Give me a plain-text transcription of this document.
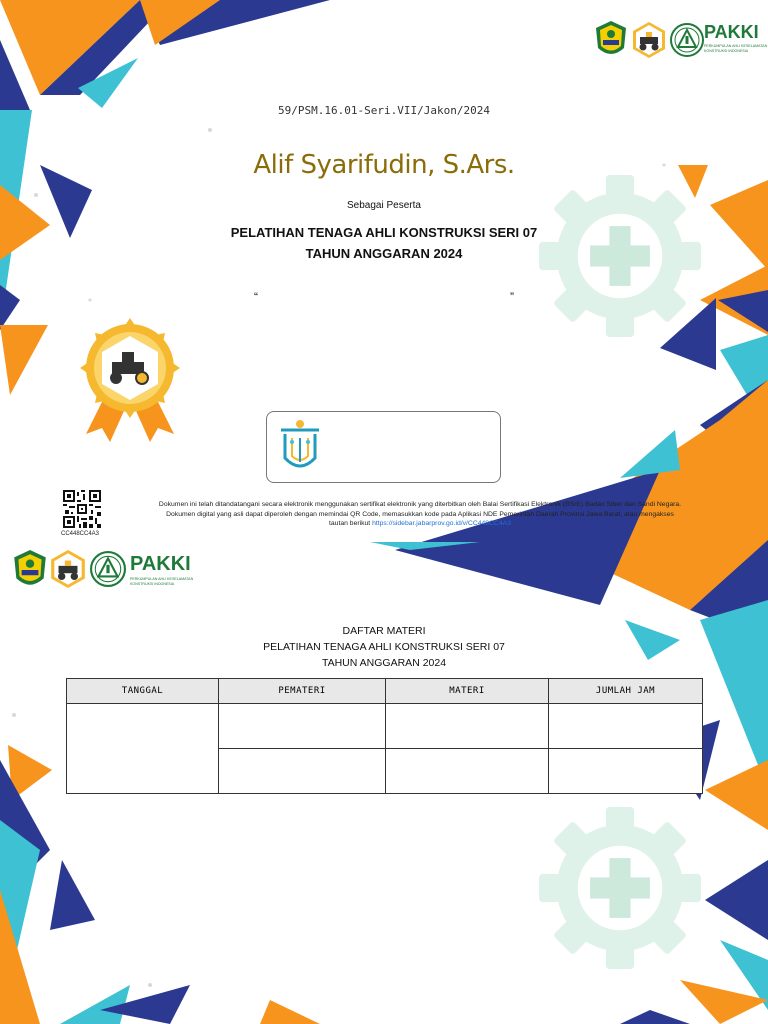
PAKKI
PERKUMPULAN AHLI KESELAMATAN
KONSTRUKSI INDONESIA
59/PSM.16.01-Seri.VII/Jakon/2024
Alif Syarifudin, S.Ars.
Sebagai Peserta
PELATIHAN TENAGA AHLI KONSTRUKSI SERI 07
TAHUN ANGGARAN 2024
“	”
CC448CC4A3
Dokumen ini telah ditandatangani secara elektronik menggunakan sertifikat elektronik yang diterbitkan oleh Balai Sertifikasi Elektronik (BSrE) Badan Siber dan Sandi Negara.
Dokumen digital yang asli dapat diperoleh dengan memindai QR Code, memasukkan kode pada Aplikasi NDE Pemerintah Daerah Provinsi Jawa Barat, atau mengakses
tautan berikut https://sidebar.jabarprov.go.id/v/CC448CC4A3
PAKKI
PERKUMPULAN AHLI KESELAMATAN
KONSTRUKSI INDONESIA
DAFTAR MATERI
PELATIHAN TENAGA AHLI KONSTRUKSI SERI 07
TAHUN ANGGARAN 2024
TANGGAL	PEMATERI	MATERI	JUMLAH JAM
